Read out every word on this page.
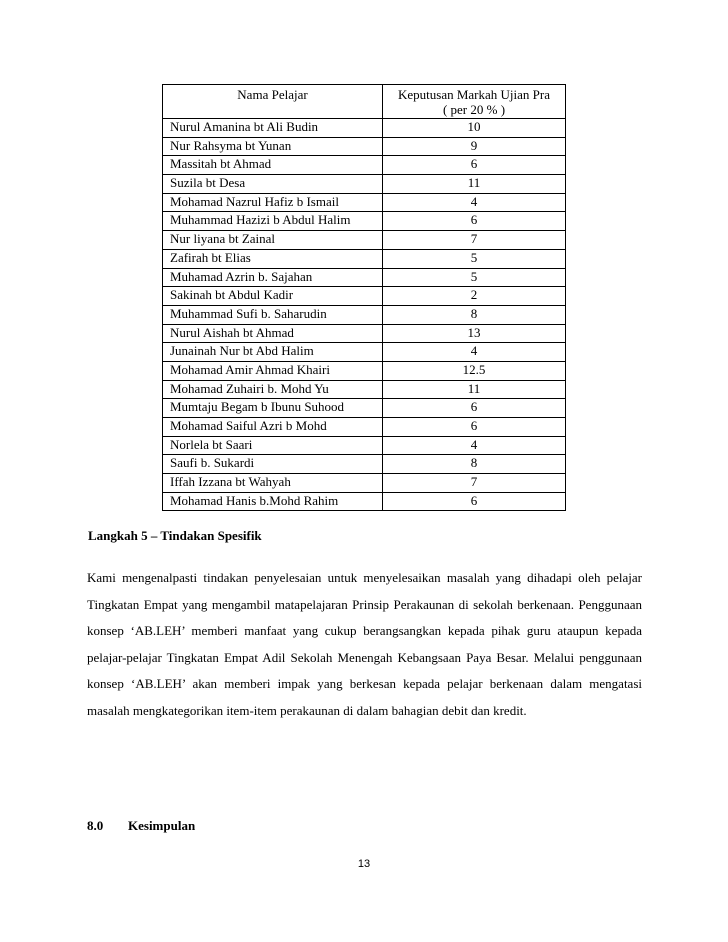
Nama Pelajar	Keputusan Markah Ujian Pra
( per 20 % )
Nurul Amanina bt Ali Budin	10
Nur Rahsyma bt Yunan	9
Massitah bt Ahmad	6
Suzila bt Desa	11
Mohamad Nazrul Hafiz b Ismail	4
Muhammad Hazizi b Abdul Halim	6
Nur liyana bt Zainal	7
Zafirah bt Elias	5
Muhamad Azrin b. Sajahan	5
Sakinah bt Abdul Kadir	2
Muhammad Sufi b. Saharudin	8
Nurul Aishah bt Ahmad	13
Junainah Nur bt Abd Halim	4
Mohamad Amir Ahmad Khairi	12.5
Mohamad Zuhairi b. Mohd Yu	11
Mumtaju Begam b Ibunu Suhood	6
Mohamad Saiful Azri b Mohd	6
Norlela bt Saari	4
Saufi b. Sukardi	8
Iffah Izzana bt Wahyah	7
Mohamad Hanis b.Mohd Rahim	6
Langkah 5 – Tindakan Spesifik
Kami mengenalpasti tindakan penyelesaian untuk menyelesaikan masalah yang dihadapi oleh pelajar Tingkatan Empat yang mengambil matapelajaran Prinsip Perakaunan di sekolah berkenaan. Penggunaan konsep ‘AB.LEH’ memberi manfaat yang cukup berangsangkan kepada pihak guru ataupun kepada pelajar-pelajar Tingkatan Empat Adil Sekolah Menengah Kebangsaan Paya Besar. Melalui penggunaan konsep ‘AB.LEH’ akan memberi impak yang berkesan kepada pelajar berkenaan dalam mengatasi masalah mengkategorikan item-item perakaunan di dalam bahagian debit dan kredit.
8.0 Kesimpulan
13
